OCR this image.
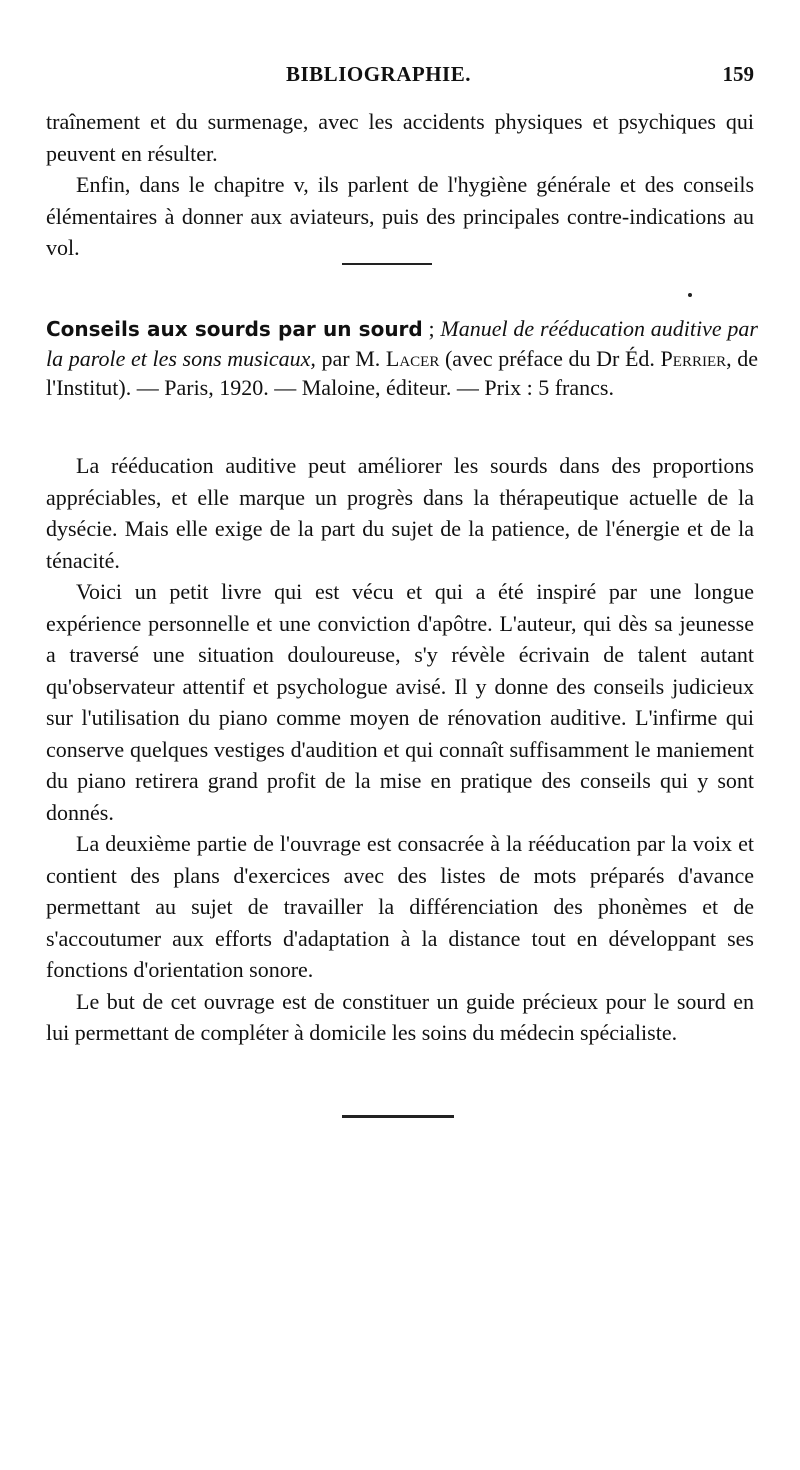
BIBLIOGRAPHIE.	159

traînement et du surmenage, avec les accidents physiques et psychiques qui peuvent en résulter.

Enfin, dans le chapitre v, ils parlent de l'hygiène générale et des conseils élémentaires à donner aux aviateurs, puis des principales contre-indications au vol.

Conseils aux sourds par un sourd ; Manuel de rééducation auditive par la parole et les sons musicaux, par M. Lacer (avec préface du Dr Éd. Perrier, de l'Institut). — Paris, 1920. — Maloine, éditeur. — Prix : 5 francs.

La rééducation auditive peut améliorer les sourds dans des proportions appréciables, et elle marque un progrès dans la thérapeutique actuelle de la dysécie. Mais elle exige de la part du sujet de la patience, de l'énergie et de la ténacité.

Voici un petit livre qui est vécu et qui a été inspiré par une longue expérience personnelle et une conviction d'apôtre. L'auteur, qui dès sa jeunesse a traversé une situation douloureuse, s'y révèle écrivain de talent autant qu'observateur attentif et psychologue avisé. Il y donne des conseils judicieux sur l'utilisation du piano comme moyen de rénovation auditive. L'infirme qui conserve quelques vestiges d'audition et qui connaît suffisamment le maniement du piano retirera grand profit de la mise en pratique des conseils qui y sont donnés.

La deuxième partie de l'ouvrage est consacrée à la rééducation par la voix et contient des plans d'exercices avec des listes de mots préparés d'avance permettant au sujet de travailler la différenciation des phonèmes et de s'accoutumer aux efforts d'adaptation à la distance tout en développant ses fonctions d'orientation sonore.

Le but de cet ouvrage est de constituer un guide précieux pour le sourd en lui permettant de compléter à domicile les soins du médecin spécialiste.
